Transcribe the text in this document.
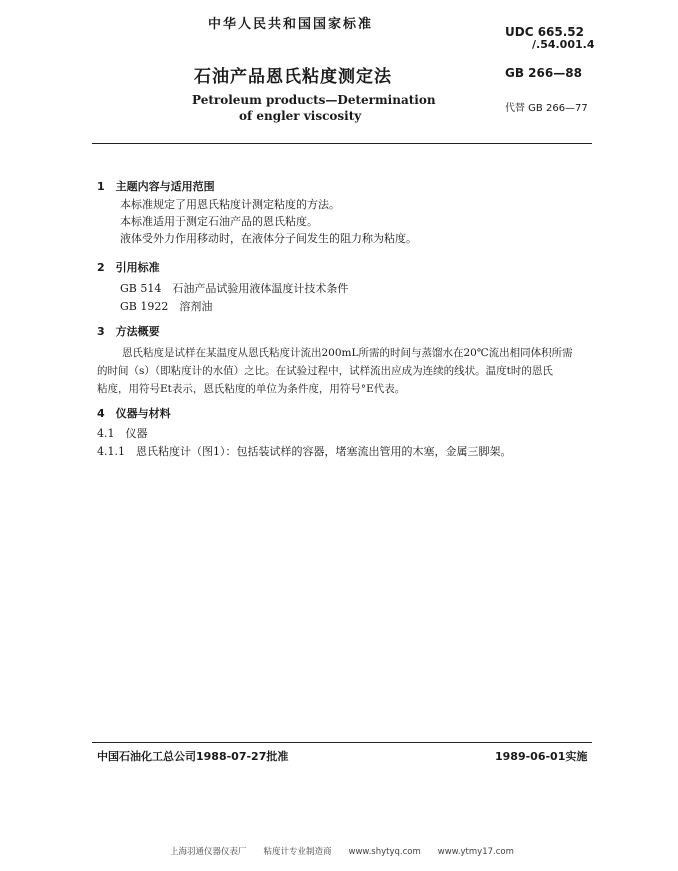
中华人民共和国国家标准	UDC 665.52
/.54.001.4
石油产品恩氏粘度测定法	GB 266—88
Petroleum products—Determination
of engler viscosity
代替 GB 266—77
1　主题内容与适用范围
本标准规定了用恩氏粘度计测定粘度的方法。
本标准适用于测定石油产品的恩氏粘度。
液体受外力作用移动时，在液体分子间发生的阻力称为粘度。
2　引用标准
GB 514　石油产品试验用液体温度计技术条件
GB 1922　溶剂油
3　方法概要
恩氏粘度是试样在某温度从恩氏粘度计流出200mL所需的时间与蒸馏水在20℃流出相同体积所需
的时间（s）（即粘度计的水值）之比。在试验过程中，试样流出应成为连续的线状。温度t时的恩氏
粘度，用符号Et表示，恩氏粘度的单位为条件度，用符号°E代表。
4　仪器与材料
4.1　仪器
4.1.1　恩氏粘度计（图1）：包括装试样的容器，堵塞流出管用的木塞，金属三脚架。
中国石油化工总公司1988-07-27批准	1989-06-01实施
上海羽通仪器仪表厂　　粘度计专业制造商　　www.shytyq.com　　www.ytmy17.com
